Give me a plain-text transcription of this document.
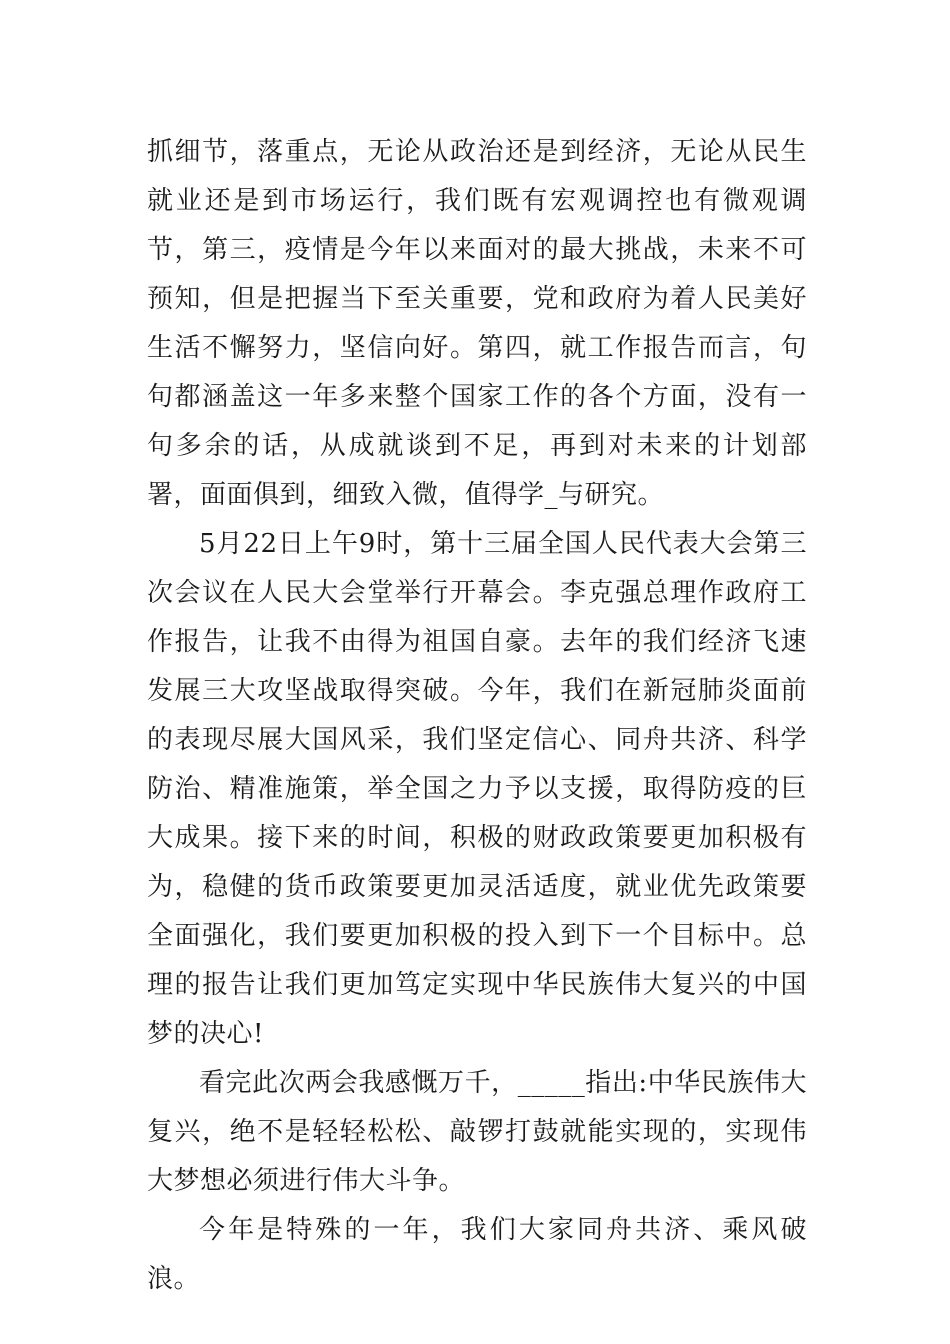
抓细节，落重点，无论从政治还是到经济，无论从民生就业还是到市场运行，我们既有宏观调控也有微观调节，第三，疫情是今年以来面对的最大挑战，未来不可预知，但是把握当下至关重要，党和政府为着人民美好生活不懈努力，坚信向好。第四，就工作报告而言，句句都涵盖这一年多来整个国家工作的各个方面，没有一句多余的话，从成就谈到不足，再到对未来的计划部署，面面俱到，细致入微，值得学_与研究。

5月22日上午9时，第十三届全国人民代表大会第三次会议在人民大会堂举行开幕会。李克强总理作政府工作报告，让我不由得为祖国自豪。去年的我们经济飞速发展三大攻坚战取得突破。今年，我们在新冠肺炎面前的表现尽展大国风采，我们坚定信心、同舟共济、科学防治、精准施策，举全国之力予以支援，取得防疫的巨大成果。接下来的时间，积极的财政政策要更加积极有为，稳健的货币政策要更加灵活适度，就业优先政策要全面强化，我们要更加积极的投入到下一个目标中。总理的报告让我们更加笃定实现中华民族伟大复兴的中国梦的决心!

看完此次两会我感慨万千，_____指出:中华民族伟大复兴，绝不是轻轻松松、敲锣打鼓就能实现的，实现伟大梦想必须进行伟大斗争。

今年是特殊的一年，我们大家同舟共济、乘风破浪。
